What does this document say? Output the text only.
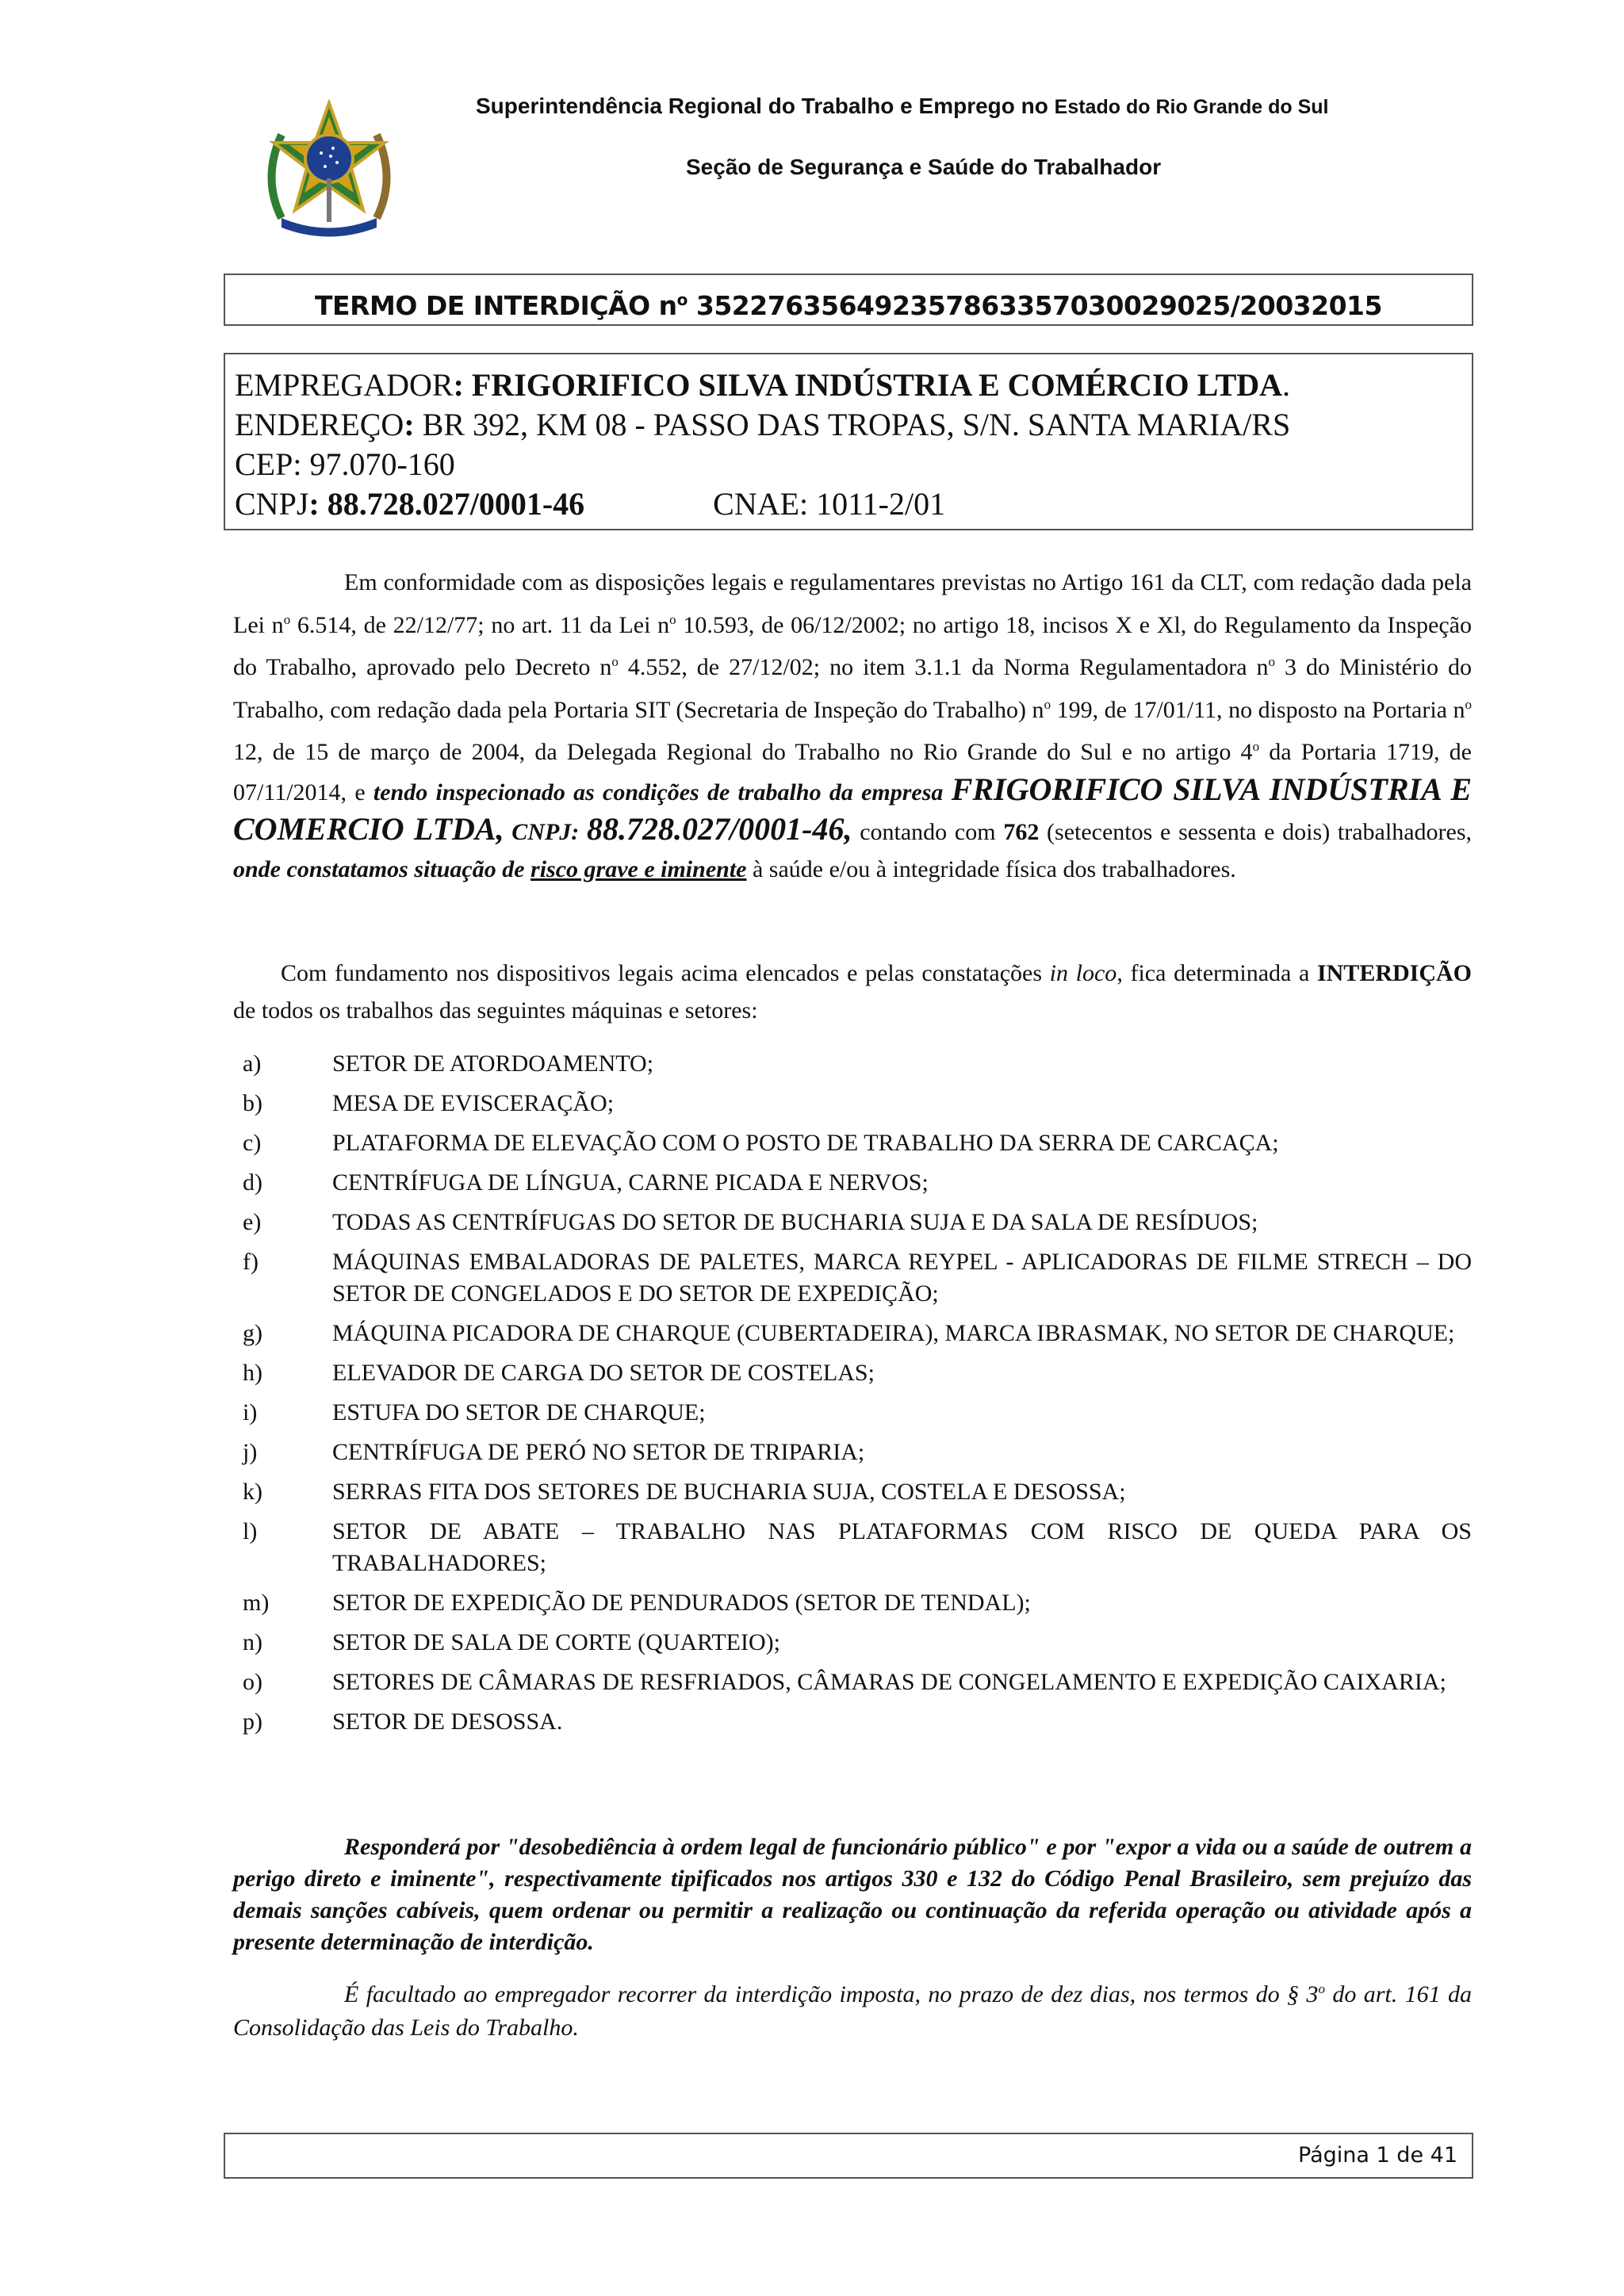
Superintendência Regional do Trabalho e Emprego no Estado do Rio Grande do Sul
Seção de Segurança e Saúde do Trabalhador
TERMO DE INTERDIÇÃO $n^o$ 352276356492357863357030029025/20032015
EMPREGADOR: FRIGORIFICO SILVA INDÚSTRIA E COMÉRCIO LTDA.
ENDEREÇO: BR 392, KM 08 - PASSO DAS TROPAS, S/N. SANTA MARIA/RS
CEP: 97.070-160
CNPJ: 88.728.027/0001-46	CNAE: 1011-2/01

Em conformidade com as disposições legais e regulamentares previstas no Artigo 161 da CLT, com redação dada pela Lei $n^o$ 6.514, de 22/12/77; no art. 11 da Lei $n^o$ 10.593, de 06/12/2002; no artigo 18, incisos X e Xl, do Regulamento da Inspeção do Trabalho, aprovado pelo Decreto $n^o$ 4.552, de 27/12/02; no item 3.1.1 da Norma Regulamentadora $n^o$ 3 do Ministério do Trabalho, com redação dada pela Portaria SIT (Secretaria de Inspeção do Trabalho) $n^o$ 199, de 17/01/11, no disposto na Portaria $n^o$ 12, de 15 de março de 2004, da Delegada Regional do Trabalho no Rio Grande do Sul e no artigo 4$^o$ da Portaria 1719, de 07/11/2014, e tendo inspecionado as condições de trabalho da empresa FRIGORIFICO SILVA INDÚSTRIA E COMERCIO LTDA, CNPJ: 88.728.027/0001-46, contando com 762 (setecentos e sessenta e dois) trabalhadores, onde constatamos situação de risco grave e iminente à saúde e/ou à integridade física dos trabalhadores.

Com fundamento nos dispositivos legais acima elencados e pelas constatações in loco, fica determinada a INTERDIÇÃO de todos os trabalhos das seguintes máquinas e setores:

a)	SETOR DE ATORDOAMENTO;
b)	MESA DE EVISCERAÇÃO;
c)	PLATAFORMA DE ELEVAÇÃO COM O POSTO DE TRABALHO DA SERRA DE CARCAÇA;
d)	CENTRÍFUGA DE LÍNGUA, CARNE PICADA E NERVOS;
e)	TODAS AS CENTRÍFUGAS DO SETOR DE BUCHARIA SUJA E DA SALA DE RESÍDUOS;
f)	MÁQUINAS EMBALADORAS DE PALETES, MARCA REYPEL - APLICADORAS DE FILME STRECH – DO SETOR DE CONGELADOS E DO SETOR DE EXPEDIÇÃO;
g)	MÁQUINA PICADORA DE CHARQUE (CUBERTADEIRA), MARCA IBRASMAK, NO SETOR DE CHARQUE;
h)	ELEVADOR DE CARGA DO SETOR DE COSTELAS;
i)	ESTUFA DO SETOR DE CHARQUE;
j)	CENTRÍFUGA DE PERÓ NO SETOR DE TRIPARIA;
k)	SERRAS FITA DOS SETORES DE BUCHARIA SUJA, COSTELA E DESOSSA;
l)	SETOR DE ABATE – TRABALHO NAS PLATAFORMAS COM RISCO DE QUEDA PARA OS TRABALHADORES;
m)	SETOR DE EXPEDIÇÃO DE PENDURADOS (SETOR DE TENDAL);
n)	SETOR DE SALA DE CORTE (QUARTEIO);
o)	SETORES DE CÂMARAS DE RESFRIADOS, CÂMARAS DE CONGELAMENTO E EXPEDIÇÃO CAIXARIA;
p)	SETOR DE DESOSSA.

Responderá por "desobediência à ordem legal de funcionário público" e por "expor a vida ou a saúde de outrem a perigo direto e iminente", respectivamente tipificados nos artigos 330 e 132 do Código Penal Brasileiro, sem prejuízo das demais sanções cabíveis, quem ordenar ou permitir a realização ou continuação da referida operação ou atividade após a presente determinação de interdição.

É facultado ao empregador recorrer da interdição imposta, no prazo de dez dias, nos termos do § 3$^o$ do art. 161 da Consolidação das Leis do Trabalho.

Página 1 de 41
